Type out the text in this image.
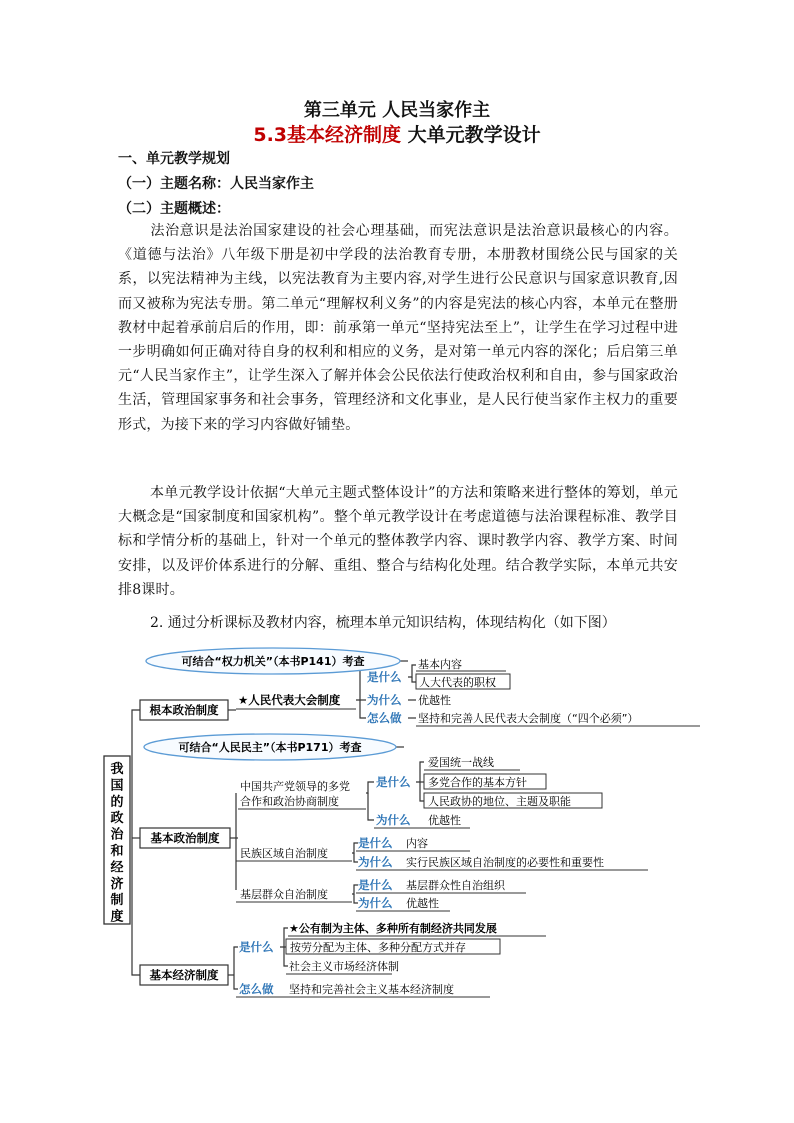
第三单元 人民当家作主
5.3基本经济制度 大单元教学设计
一、单元教学规划
（一）主题名称：人民当家作主
（二）主题概述：
法治意识是法治国家建设的社会心理基础，而宪法意识是法治意识最核心的内容。《道德与法治》八年级下册是初中学段的法治教育专册，本册教材围绕公民与国家的关系，以宪法精神为主线，以宪法教育为主要内容,对学生进行公民意识与国家意识教育,因而又被称为宪法专册。第二单元“理解权利义务”的内容是宪法的核心内容，本单元在整册教材中起着承前启后的作用，即：前承第一单元“坚持宪法至上”，让学生在学习过程中进一步明确如何正确对待自身的权利和相应的义务，是对第一单元内容的深化；后启第三单元“人民当家作主”，让学生深入了解并体会公民依法行使政治权利和自由，参与国家政治生活，管理国家事务和社会事务，管理经济和文化事业，是人民行使当家作主权力的重要形式，为接下来的学习内容做好铺垫。
本单元教学设计依据“大单元主题式整体设计”的方法和策略来进行整体的筹划，单元大概念是“国家制度和国家机构”。整个单元教学设计在考虑道德与法治课程标准、教学目标和学情分析的基础上，针对一个单元的整体教学内容、课时教学内容、教学方案、时间安排，以及评价体系进行的分解、重组、整合与结构化处理。结合教学实际，本单元共安排8课时。
2. 通过分析课标及教材内容，梳理本单元知识结构，体现结构化（如下图）
我
国
的
政
治
和
经
济
制
度
可结合“权力机关”（本书P141）考查
可结合“人民民主”（本书P171）考查
根本政治制度
★人民代表大会制度
是什么
为什么
怎么做
基本内容
人大代表的职权
优越性
坚持和完善人民代表大会制度（“四个必须”）
基本政治制度
中国共产党领导的多党
合作和政治协商制度
是什么
为什么
爱国统一战线
多党合作的基本方针
人民政协的地位、主题及职能
优越性
民族区域自治制度
是什么 内容
为什么 实行民族区域自治制度的必要性和重要性
基层群众自治制度
是什么 基层群众性自治组织
为什么 优越性
基本经济制度
是什么
怎么做
★公有制为主体、多种所有制经济共同发展
按劳分配为主体、多种分配方式并存
社会主义市场经济体制
坚持和完善社会主义基本经济制度
